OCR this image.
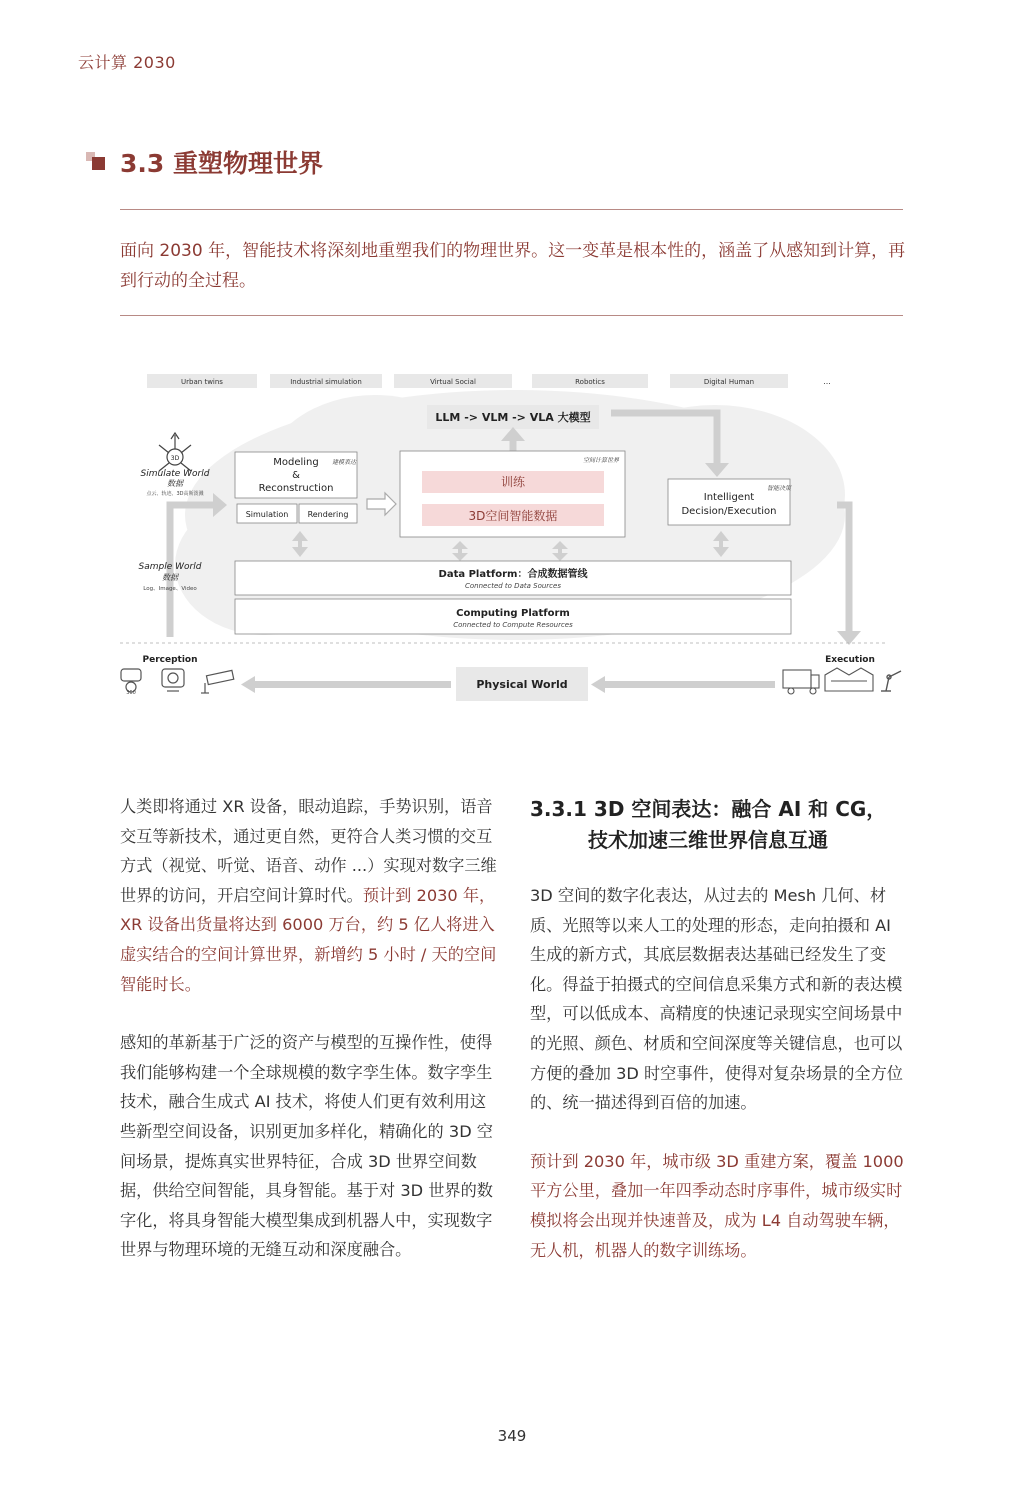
云计算 2030
3.3 重塑物理世界
面向 2030 年，智能技术将深刻地重塑我们的物理世界。这一变革是根本性的，涵盖了从感知到计算，再到行动的全过程。
Urban twins	Industrial simulation	Virtual Social	Robotics	Digital Human	...
LLM -> VLM -> VLA 大模型
3D
Simulate World
数据
点云、轨迹、3D高斯泼溅
Sample World
数据
Log、Image、Video
Modeling
&
Reconstruction
建模表达
Simulation Rendering
空间计算世界
训练
3D空间智能数据
Intelligent
Decision/Execution
智能决策
Data Platform：合成数据管线
Connected to Data Sources
Computing Platform
Connected to Compute Resources
Perception	Execution
Physical World
360

人类即将通过 XR 设备，眼动追踪，手势识别，语音交互等新技术，通过更自然，更符合人类习惯的交互方式（视觉、听觉、语音、动作 ...）实现对数字三维世界的访问，开启空间计算时代。预计到 2030 年，XR 设备出货量将达到 6000 万台，约 5 亿人将进入虚实结合的空间计算世界，新增约 5 小时 / 天的空间智能时长。

感知的革新基于广泛的资产与模型的互操作性，使得我们能够构建一个全球规模的数字孪生体。数字孪生技术，融合生成式 AI 技术，将使人们更有效利用这些新型空间设备，识别更加多样化，精确化的 3D 空间场景，提炼真实世界特征，合成 3D 世界空间数据，供给空间智能，具身智能。基于对 3D 世界的数字化，将具身智能大模型集成到机器人中，实现数字世界与物理环境的无缝互动和深度融合。

3.3.1 3D 空间表达：融合 AI 和 CG，
技术加速三维世界信息互通

3D 空间的数字化表达，从过去的 Mesh 几何、材质、光照等以来人工的处理的形态，走向拍摄和 AI 生成的新方式，其底层数据表达基础已经发生了变化。得益于拍摄式的空间信息采集方式和新的表达模型，可以低成本、高精度的快速记录现实空间场景中的光照、颜色、材质和空间深度等关键信息，也可以方便的叠加 3D 时空事件，使得对复杂场景的全方位的、统一描述得到百倍的加速。

预计到 2030 年，城市级 3D 重建方案，覆盖 1000 平方公里，叠加一年四季动态时序事件，城市级实时模拟将会出现并快速普及，成为 L4 自动驾驶车辆，无人机，机器人的数字训练场。

349
